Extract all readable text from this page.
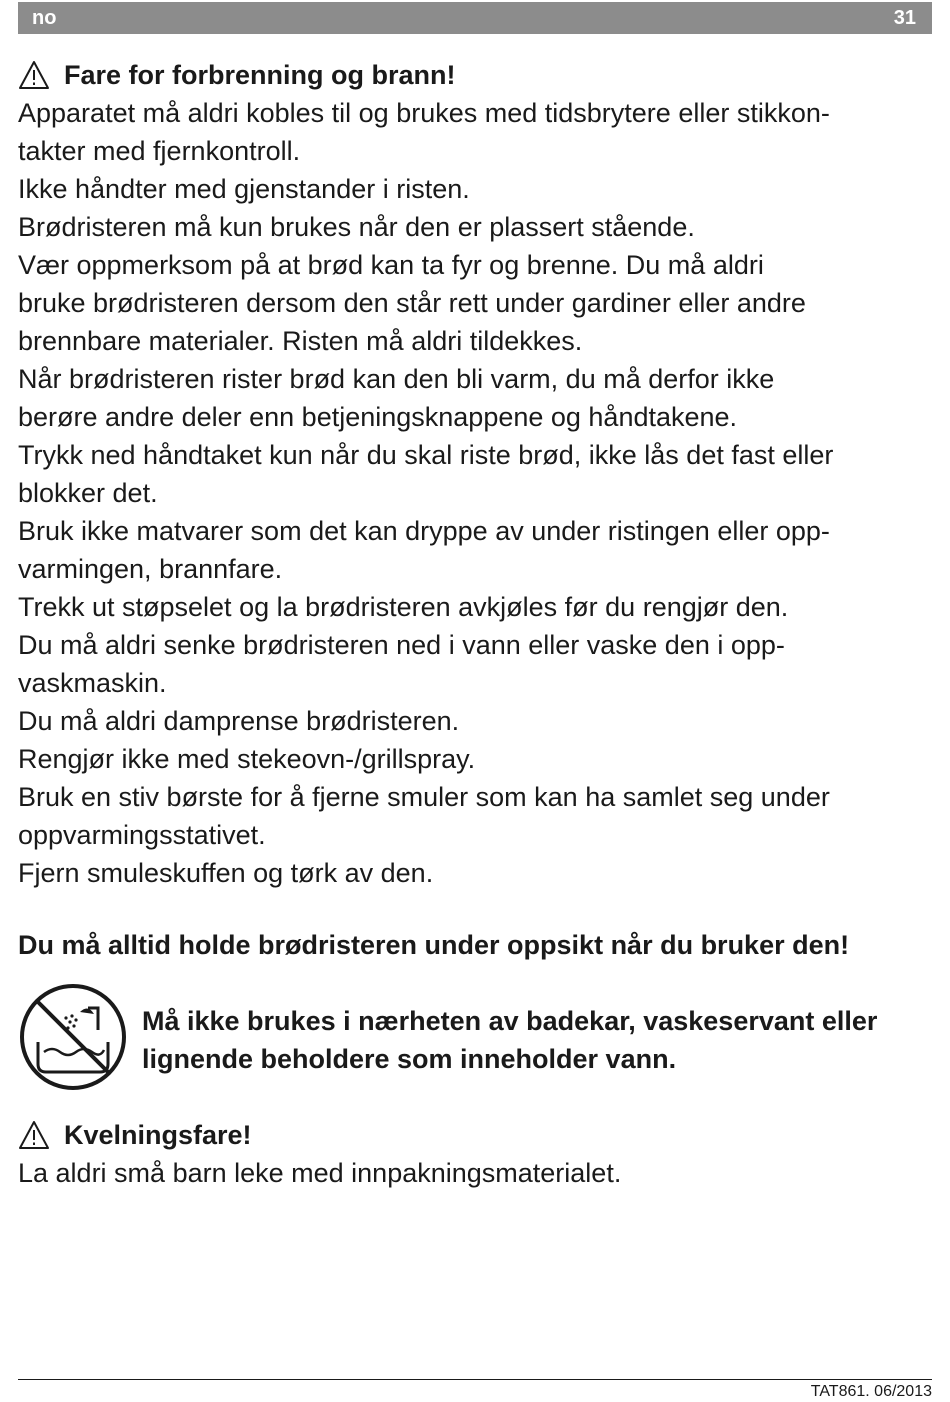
no	31
Fare for forbrenning og brann!

Apparatet må aldri kobles til og brukes med tidsbrytere eller stikkon-

takter med fjernkontroll.

Ikke håndter med gjenstander i risten.

Brødristeren må kun brukes når den er plassert stående.

Vær oppmerksom på at brød kan ta fyr og brenne. Du må aldri

bruke brødristeren dersom den står rett under gardiner eller andre

brennbare materialer. Risten må aldri tildekkes.

Når brødristeren rister brød kan den bli varm, du må derfor ikke

berøre andre deler enn betjeningsknappene og håndtakene.

Trykk ned håndtaket kun når du skal riste brød, ikke lås det fast eller

blokker det.

Bruk ikke matvarer som det kan dryppe av under ristingen eller opp-

varmingen, brannfare.

Trekk ut støpselet og la brødristeren avkjøles før du rengjør den.

Du må aldri senke brødristeren ned i vann eller vaske den i opp-

vaskmaskin.

Du må aldri damprense brødristeren.

Rengjør ikke med stekeovn-/grillspray.

Bruk en stiv børste for å fjerne smuler som kan ha samlet seg under

oppvarmingsstativet.

Fjern smuleskuffen og tørk av den.

Du må alltid holde brødristeren under oppsikt når du bruker den!

Må ikke brukes i nærheten av badekar, vaskeservant eller
lignende beholdere som inneholder vann.
Kvelningsfare!

La aldri små barn leke med innpakningsmaterialet.

TAT861. 06/2013
